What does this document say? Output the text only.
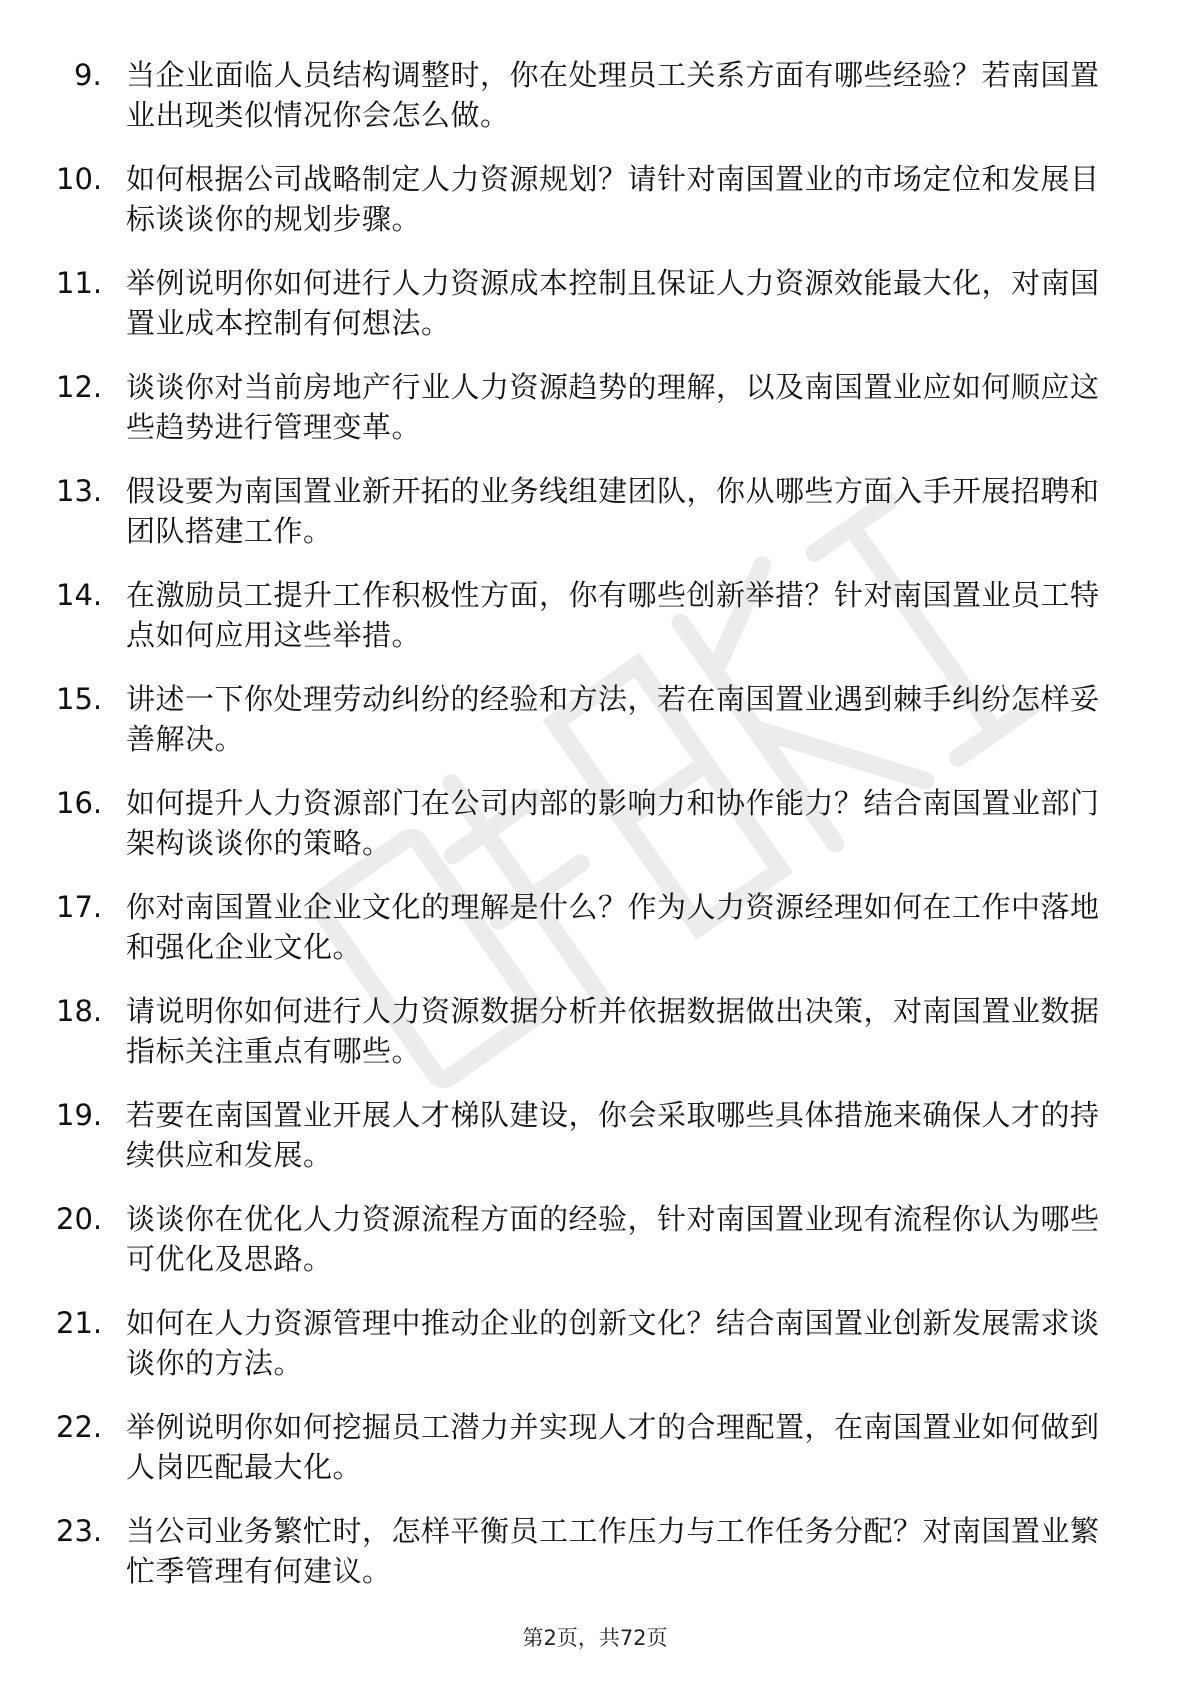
9. 当企业面临人员结构调整时，你在处理员工关系方面有哪些经验？若南国置业出现类似情况你会怎么做。
10. 如何根据公司战略制定人力资源规划？请针对南国置业的市场定位和发展目标谈谈你的规划步骤。
11. 举例说明你如何进行人力资源成本控制且保证人力资源效能最大化，对南国置业成本控制有何想法。
12. 谈谈你对当前房地产行业人力资源趋势的理解，以及南国置业应如何顺应这些趋势进行管理变革。
13. 假设要为南国置业新开拓的业务线组建团队，你从哪些方面入手开展招聘和团队搭建工作。
14. 在激励员工提升工作积极性方面，你有哪些创新举措？针对南国置业员工特点如何应用这些举措。
15. 讲述一下你处理劳动纠纷的经验和方法，若在南国置业遇到棘手纠纷怎样妥善解决。
16. 如何提升人力资源部门在公司内部的影响力和协作能力？结合南国置业部门架构谈谈你的策略。
17. 你对南国置业企业文化的理解是什么？作为人力资源经理如何在工作中落地和强化企业文化。
18. 请说明你如何进行人力资源数据分析并依据数据做出决策，对南国置业数据指标关注重点有哪些。
19. 若要在南国置业开展人才梯队建设，你会采取哪些具体措施来确保人才的持续供应和发展。
20. 谈谈你在优化人力资源流程方面的经验，针对南国置业现有流程你认为哪些可优化及思路。
21. 如何在人力资源管理中推动企业的创新文化？结合南国置业创新发展需求谈谈你的方法。
22. 举例说明你如何挖掘员工潜力并实现人才的合理配置，在南国置业如何做到人岗匹配最大化。
23. 当公司业务繁忙时，怎样平衡员工工作压力与工作任务分配？对南国置业繁忙季管理有何建议。
第2页，共72页
